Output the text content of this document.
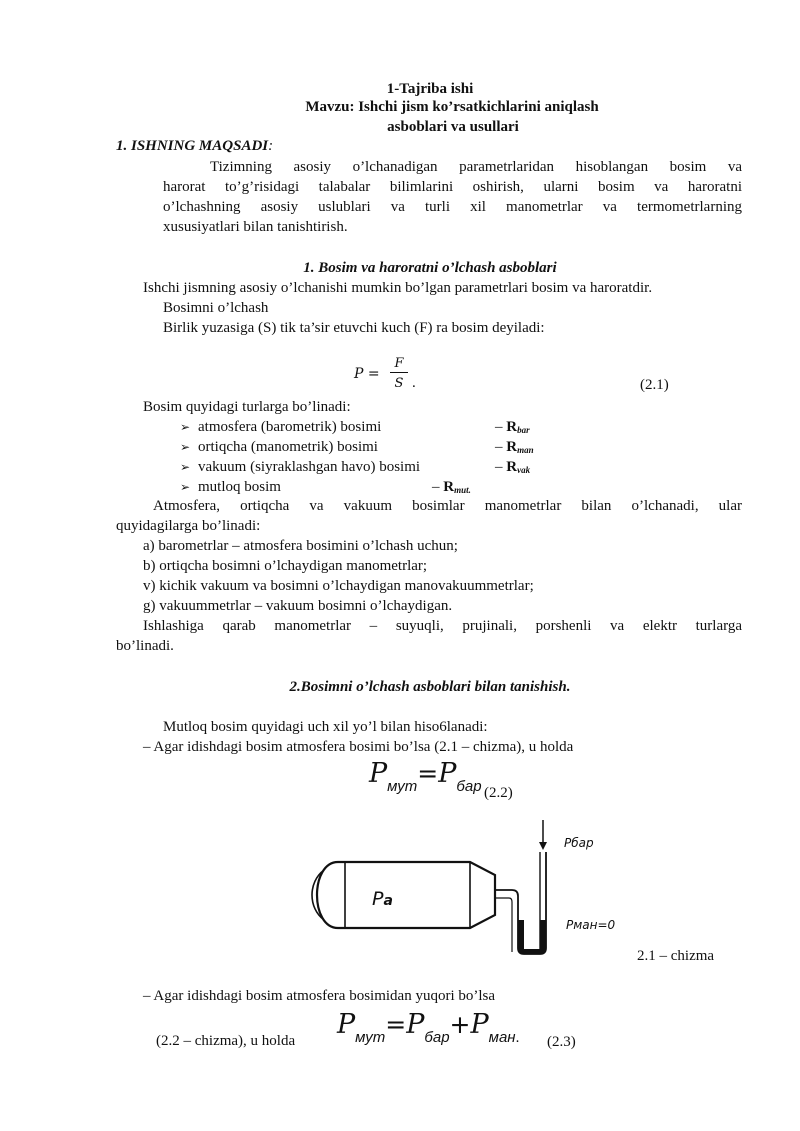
1-Tajriba ishi
Mavzu: Ishchi jism ko’rsatkichlarini aniqlash
asboblari va usullari
1. ISHNING MAQSADI:
Tizimning asosiy o’lchanadigan parametrlaridan hisoblangan bosim va
harorat to’g’risidagi talabalar bilimlarini oshirish, ularni bosim va haroratni
o’lchashning asosiy uslublari va turli xil manometrlar va termometrlarning
xususiyatlari bilan tanishtirish.
1. Bosim va haroratni o’lchash asboblari
Ishchi jismning asosiy o’lchanishi mumkin bo’lgan parametrlari bosim va haroratdir.
Bosimni o’lchash
Birlik yuzasiga (S) tik ta’sir etuvchi kuch (F) ra bosim deyiladi:
P =
F
S .	(2.1)
Bosim quyidagi turlarga bo’linadi:
➢ atmosfera (barometrik) bosimi	– $R_{bar}$
➢ ortiqcha (manometrik) bosimi	– $R_{man}$
➢ vakuum (siyraklashgan havo) bosimi	– $R_{vak}$
➢ mutloq bosim	– $R_{mut.}$
Atmosfera, ortiqcha va vakuum bosimlar manometrlar bilan o’lchanadi, ular
quyidagilarga bo’linadi:
a) barometrlar – atmosfera bosimini o’lchash uchun;
b) ortiqcha bosimni o’lchaydigan manometrlar;
v) kichik vakuum va bosimni o’lchaydigan manovakuummetrlar;
g) vakuummetrlar – vakuum bosimni o’lchaydigan.
Ishlashiga qarab manometrlar – suyuqli, prujinali, porshenli va elektr turlarga
bo’linadi.
2.Bosimni o’lchash asboblari bilan tanishish.
Mutloq bosim quyidagi uch xil yo’l bilan hiso6lanadi:
– Agar idishdagi bosim atmosfera bosimi bo’lsa (2.1 – chizma), u holda
Pмут=Pбар (2.2)
Pa
Рбар
Рман=0
2.1 – chizma
– Agar idishdagi bosim atmosfera bosimidan yuqori bo’lsa
(2.2 – chizma), u holda
Pмут=Pбар+Pман. (2.3)
